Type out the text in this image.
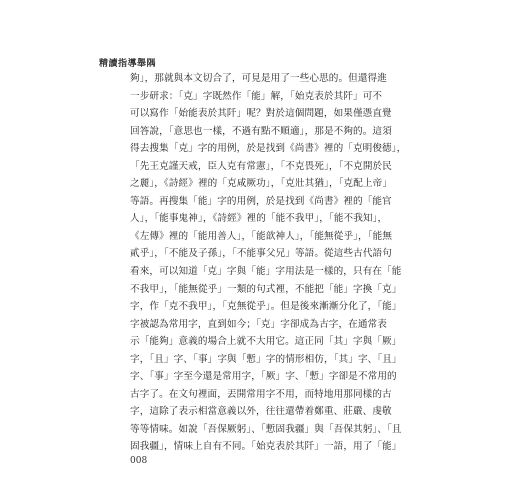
精讀指導舉隅
夠」，那就與本文切合了，可見是用了一些心思的。但還得進
一步研求：「克」字既然作「能」解，「始克表於其阡」可不
可以寫作「始能表於其阡」呢？對於這個問題，如果僅憑直覺
回答說，「意思也一樣，不過有點不順適」，那是不夠的。這須
得去搜集「克」字的用例，於是找到《尚書》裡的「克明俊德」，
「先王克謹天戒，臣人克有常憲」，「不克畏死」，「不克開於民
之麗」，《詩經》裡的「克咸厥功」，「克壯其猶」，「克配上帝」
等語。再搜集「能」字的用例，於是找到《尚書》裡的「能官
人」，「能事鬼神」，《詩經》裡的「能不我甲」，「能不我知」，
《左傳》裡的「能用善人」，「能歆神人」，「能無從乎」，「能無
貳乎」，「不能及子孫」，「不能事父兄」等語。從這些古代語句
看來，可以知道「克」字與「能」字用法是一樣的，只有在「能
不我甲」，「能無從乎」一類的句式裡，不能把「能」字換「克」
字，作「克不我甲」，「克無從乎」。但是後來漸漸分化了，「能」
字被認為常用字，直到如今；「克」字卻成為古字，在通常表
示「能夠」意義的場合上就不大用它。這正同「其」字與「厥」
字，「且」字、「事」字與「慙」字的情形相仿，「其」字、「且」
字、「事」字至今還是常用字，「厥」字、「慙」字卻是不常用的
古字了。在文句裡面，丟開常用字不用，而特地用那同樣的古
字，這除了表示相當意義以外，往往還帶着鄭重、莊嚴、虔敬
等等情味。如說「吾保厥躬」、「慙固我疆」與「吾保其躬」、「且
固我疆」，情味上自有不同。「始克表於其阡」一語，用了「能」
008
